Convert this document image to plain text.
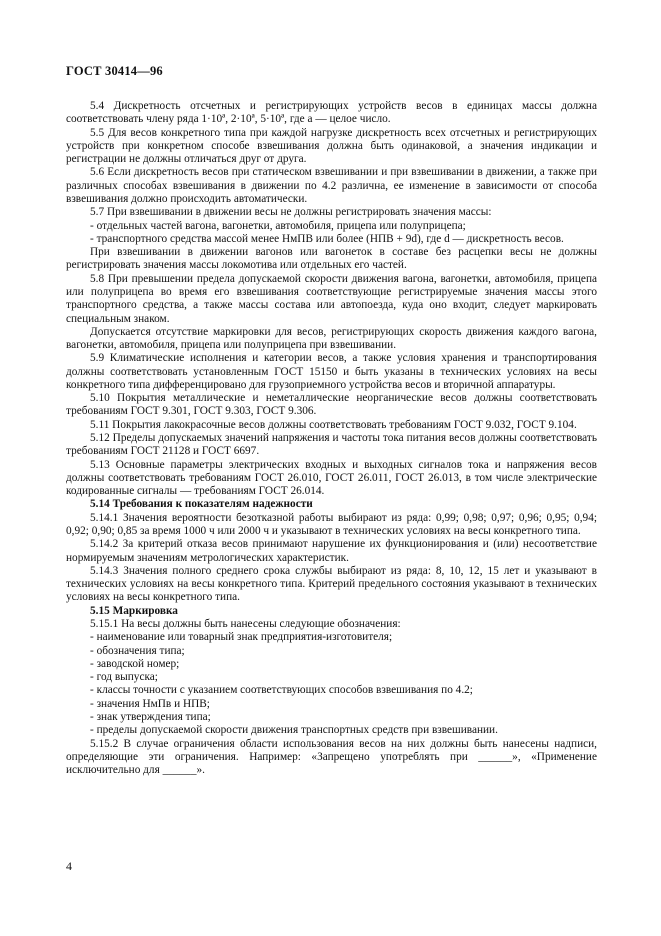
ГОСТ 30414—96
5.4 Дискретность отсчетных и регистрирующих устройств весов в единицах массы должна соответствовать члену ряда 1·10ª, 2·10ª, 5·10ª, где а — целое число.
5.5 Для весов конкретного типа при каждой нагрузке дискретность всех отсчетных и регистрирующих устройств при конкретном способе взвешивания должна быть одинаковой, а значения индикации и регистрации не должны отличаться друг от друга.
5.6 Если дискретность весов при статическом взвешивании и при взвешивании в движении, а также при различных способах взвешивания в движении по 4.2 различна, ее изменение в зависимости от способа взвешивания должно происходить автоматически.
5.7 При взвешивании в движении весы не должны регистрировать значения массы:
- отдельных частей вагона, вагонетки, автомобиля, прицепа или полуприцепа;
- транспортного средства массой менее НмПВ или более (НПВ + 9d), где d — дискретность весов.
При взвешивании в движении вагонов или вагонеток в составе без расцепки весы не должны регистрировать значения массы локомотива или отдельных его частей.
5.8 При превышении предела допускаемой скорости движения вагона, вагонетки, автомобиля, прицепа или полуприцепа во время его взвешивания соответствующие регистрируемые значения массы этого транспортного средства, а также массы состава или автопоезда, куда оно входит, следует маркировать специальным знаком.
Допускается отсутствие маркировки для весов, регистрирующих скорость движения каждого вагона, вагонетки, автомобиля, прицепа или полуприцепа при взвешивании.
5.9 Климатические исполнения и категории весов, а также условия хранения и транспортирования должны соответствовать установленным ГОСТ 15150 и быть указаны в технических условиях на весы конкретного типа дифференцировано для грузоприемного устройства весов и вторичной аппаратуры.
5.10 Покрытия металлические и неметаллические неорганические весов должны соответствовать требованиям ГОСТ 9.301, ГОСТ 9.303, ГОСТ 9.306.
5.11 Покрытия лакокрасочные весов должны соответствовать требованиям ГОСТ 9.032, ГОСТ 9.104.
5.12 Пределы допускаемых значений напряжения и частоты тока питания весов должны соответствовать требованиям ГОСТ 21128 и ГОСТ 6697.
5.13 Основные параметры электрических входных и выходных сигналов тока и напряжения весов должны соответствовать требованиям ГОСТ 26.010, ГОСТ 26.011, ГОСТ 26.013, в том числе электрические кодированные сигналы — требованиям ГОСТ 26.014.
5.14 Требования к показателям надежности
5.14.1 Значения вероятности безотказной работы выбирают из ряда: 0,99; 0,98; 0,97; 0,96; 0,95; 0,94; 0,92; 0,90; 0,85 за время 1000 ч или 2000 ч и указывают в технических условиях на весы конкретного типа.
5.14.2 За критерий отказа весов принимают нарушение их функционирования и (или) несоответствие нормируемым значениям метрологических характеристик.
5.14.3 Значения полного среднего срока службы выбирают из ряда: 8, 10, 12, 15 лет и указывают в технических условиях на весы конкретного типа. Критерий предельного состояния указывают в технических условиях на весы конкретного типа.
5.15 Маркировка
5.15.1 На весы должны быть нанесены следующие обозначения:
- наименование или товарный знак предприятия-изготовителя;
- обозначения типа;
- заводской номер;
- год выпуска;
- классы точности с указанием соответствующих способов взвешивания по 4.2;
- значения НмПв и НПВ;
- знак утверждения типа;
- пределы допускаемой скорости движения транспортных средств при взвешивании.
5.15.2 В случае ограничения области использования весов на них должны быть нанесены надписи, определяющие эти ограничения. Например: «Запрещено употреблять при ______», «Применение исключительно для ______».
4
